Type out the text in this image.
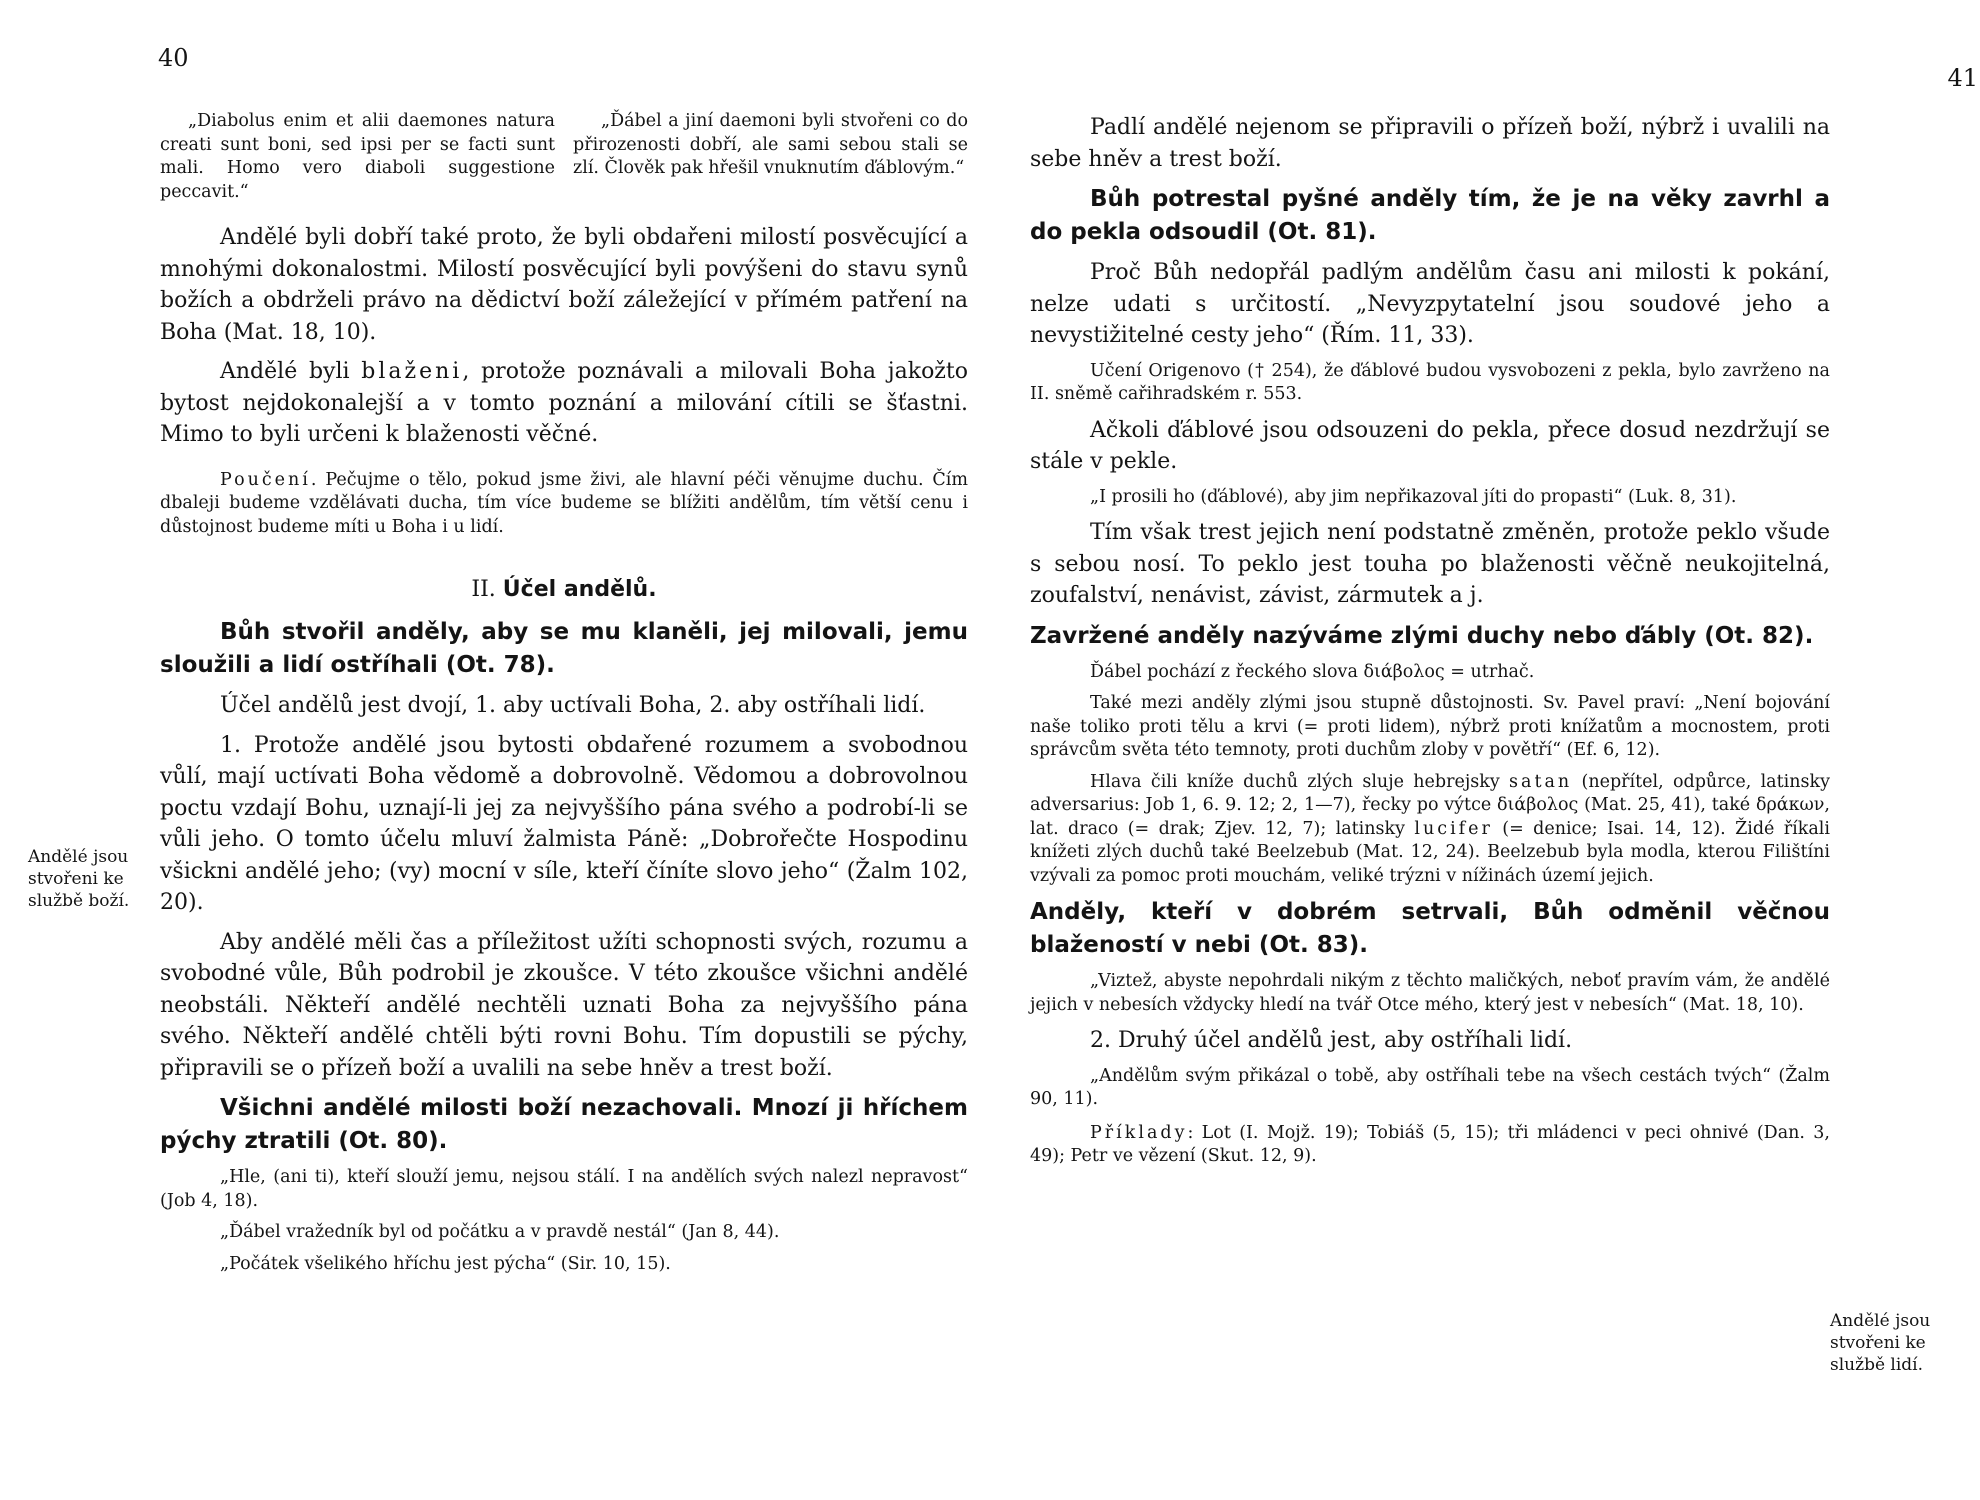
40
Andělé jsou stvořeni ke službě boží.

„Diabolus enim et alii daemones natura creati sunt boni, sed ipsi per se facti sunt mali. Homo vero diaboli suggestione peccavit.“

„Ďábel a jiní daemoni byli stvořeni co do přirozenosti dobří, ale sami sebou stali se zlí. Člověk pak hřešil vnuknutím ďáblovým.“

Andělé byli dobří také proto, že byli obdařeni milostí posvěcující a mnohými dokonalostmi. Milostí posvěcující byli povýšeni do stavu synů božích a obdrželi právo na dědictví boží záležející v přímém patření na Boha (Mat. 18, 10).

Andělé byli blaženi, protože poznávali a milovali Boha jakožto bytost nejdokonalejší a v tomto poznání a milování cítili se šťastni. Mimo to byli určeni k blaženosti věčné.

Poučení. Pečujme o tělo, pokud jsme živi, ale hlavní péči věnujme duchu. Čím dbaleji budeme vzdělávati ducha, tím více budeme se blížiti andělům, tím větší cenu i důstojnost budeme míti u Boha i u lidí.

II. Účel andělů.

Bůh stvořil anděly, aby se mu klaněli, jej milovali, jemu sloužili a lidí ostříhali (Ot. 78).

Účel andělů jest dvojí, 1. aby uctívali Boha, 2. aby ostříhali lidí.

1. Protože andělé jsou bytosti obdařené rozumem a svobodnou vůlí, mají uctívati Boha vědomě a dobrovolně. Vědomou a dobrovolnou poctu vzdají Bohu, uznají-li jej za nejvyššího pána svého a podrobí-li se vůli jeho. O tomto účelu mluví žalmista Páně: „Dobrořečte Hospodinu všickni andělé jeho; (vy) mocní v síle, kteří číníte slovo jeho“ (Žalm 102, 20).

Aby andělé měli čas a příležitost užíti schopnosti svých, rozumu a svobodné vůle, Bůh podrobil je zkoušce. V této zkoušce všichni andělé neobstáli. Někteří andělé nechtěli uznati Boha za nejvyššího pána svého. Někteří andělé chtěli býti rovni Bohu. Tím dopustili se pýchy, připravili se o přízeň boží a uvalili na sebe hněv a trest boží.

Všichni andělé milosti boží nezachovali. Mnozí ji hříchem pýchy ztratili (Ot. 80).

„Hle, (ani ti), kteří slouží jemu, nejsou stálí. I na andělích svých nalezl nepravost“ (Job 4, 18).

„Ďábel vražedník byl od počátku a v pravdě nestál“ (Jan 8, 44).

„Počátek všelikého hříchu jest pýcha“ (Sir. 10, 15).

41

Padlí andělé nejenom se připravili o přízeň boží, nýbrž i uvalili na sebe hněv a trest boží.

Bůh potrestal pyšné anděly tím, že je na věky zavrhl a do pekla odsoudil (Ot. 81).

Proč Bůh nedopřál padlým andělům času ani milosti k pokání, nelze udati s určitostí. „Nevyzpytatelní jsou soudové jeho a nevystižitelné cesty jeho“ (Řím. 11, 33).

Učení Origenovo († 254), že ďáblové budou vysvobozeni z pekla, bylo zavrženo na II. sněmě cařihradském r. 553.

Ačkoli ďáblové jsou odsouzeni do pekla, přece dosud nezdržují se stále v pekle.

„I prosili ho (ďáblové), aby jim nepřikazoval jíti do propasti“ (Luk. 8, 31).

Tím však trest jejich není podstatně změněn, protože peklo všude s sebou nosí. To peklo jest touha po blaženosti věčně neukojitelná, zoufalství, nenávist, závist, zármutek a j.

Zavržené anděly nazýváme zlými duchy nebo ďábly (Ot. 82).

Ďábel pochází z řeckého slova διάβολος = utrhač.

Také mezi anděly zlými jsou stupně důstojnosti. Sv. Pavel praví: „Není bojování naše toliko proti tělu a krvi (= proti lidem), nýbrž proti knížatům a mocnostem, proti správcům světa této temnoty, proti duchům zloby v povětří“ (Ef. 6, 12).

Hlava čili kníže duchů zlých sluje hebrejsky satan (nepřítel, odpůrce, latinsky adversarius: Job 1, 6. 9. 12; 2, 1—7), řecky po výtce διάβολος (Mat. 25, 41), také δράκων, lat. draco (= drak; Zjev. 12, 7); latinsky lucifer (= denice; Isai. 14, 12). Židé říkali knížeti zlých duchů také Beelzebub (Mat. 12, 24). Beelzebub byla modla, kterou Filištíni vzývali za pomoc proti mouchám, veliké trýzni v nížinách území jejich.

Anděly, kteří v dobrém setrvali, Bůh odměnil věčnou blažeností v nebi (Ot. 83).

„Viztež, abyste nepohrdali nikým z těchto maličkých, neboť pravím vám, že andělé jejich v nebesích vždycky hledí na tvář Otce mého, který jest v nebesích“ (Mat. 18, 10).

2. Druhý účel andělů jest, aby ostříhali lidí.

„Andělům svým přikázal o tobě, aby ostříhali tebe na všech cestách tvých“ (Žalm 90, 11).

Příklady: Lot (I. Mojž. 19); Tobiáš (5, 15); tři mládenci v peci ohnivé (Dan. 3, 49); Petr ve vězení (Skut. 12, 9).

Andělé jsou stvořeni ke službě lidí.
